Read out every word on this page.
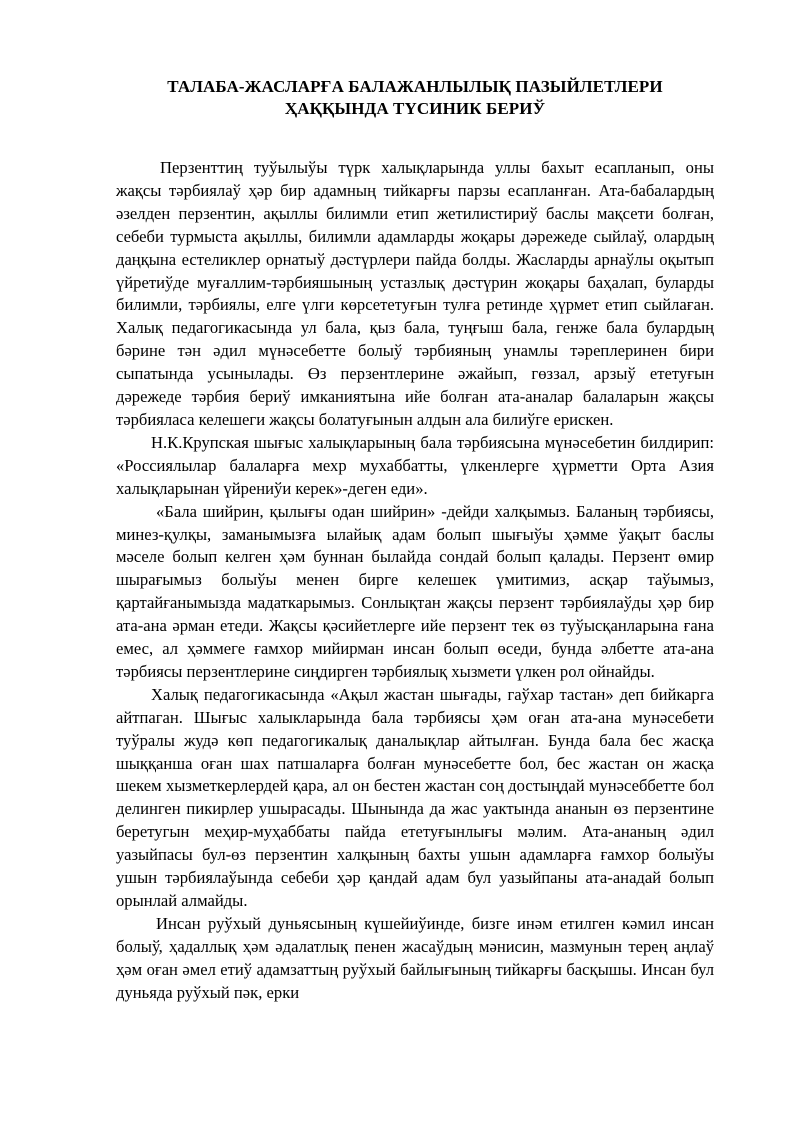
ТАЛАБА-ЖАСЛАРҒА БАЛАЖАНЛЫЛЫҚ ПАЗЫЙЛЕТЛЕРИ
ҲАҚҚЫНДА ТҮСИНИК БЕРИЎ

Перзенттиң туўылыўы түрк халықларында уллы бахыт есапланып, оны жақсы тәрбиялаў ҳәр бир адамның тийкарғы парзы есапланған. Ата-бабалардың әзелден перзентин, ақыллы билимли етип жетилистириў баслы мақсети болған, себеби турмыста ақыллы, билимли адамларды жоқары дәрежеде сыйлаў, олардың даңқына естеликлер орнатыў дәстүрлери пайда болды. Жасларды арнаўлы оқытып үйретиўде муғаллим-тәрбияшының устазлық дәстүрин жоқары баҳалап, буларды билимли, тәрбиялы, елге үлги көрсететуғын тулға ретинде ҳүрмет етип сыйлаған. Халық педагогикасында ул бала, қыз бала, туңғыш бала, генже бала булардың бәрине тән әдил мүнәсебетте болыў тәрбияның унамлы тәреплеринен бири сыпатында усынылады. Өз перзентлерине әжайып, гөззал, арзыў ететуғын дәрежеде тәрбия бериў имканиятына ийе болған ата-аналар балаларын жақсы тәрбияласа келешеги жақсы болатуғынын алдын ала билиўге ерискен.

Н.К.Крупская шығыс халықларының бала тәрбиясына мүнәсебетин билдирип: «Россиялылар балаларға мехр мухаббатты, үлкенлерге ҳүрметти Орта Азия халықларынан үйрениўи керек»-деген еди».

«Бала шийрин, қылығы одан шийрин» -дейди халқымыз. Баланың тәрбиясы, минез-қулқы, заманымызға ылайық адам болып шығыўы ҳәмме ўақыт баслы мәселе болып келген ҳәм буннан былайда сондай болып қалады. Перзент өмир шырағымыз болыўы менен бирге келешек үмитимиз, асқар таўымыз, қартайғанымызда мадаткарымыз. Сонлықтан жақсы перзент тәрбиялаўды ҳәр бир ата-ана әрман етеди. Жақсы қәсийетлерге ийе перзент тек өз туўысқанларына ғана емес, ал ҳәммеге ғамхор мийирман инсан болып өседи, бунда әлбетте ата-ана тәрбиясы перзентлерине сиңдирген тәрбиялық хызмети үлкен рол ойнайды.

Халық педагогикасында «Ақыл жастан шығады, гаўхар тастан» деп бийкарга айтпаган. Шығыс халыкларында бала тәрбиясы ҳәм оған ата-ана мунәсебети туўралы жудә көп педагогикалық даналықлар айтылған. Бунда бала бес жасқа шыққанша оған шах патшаларға болған мунәсебетте бол, бес жастан он жасқа шекем хызметкерлердей қара, ал он бестен жастан соң достыңдай мунәсеббетте бол делинген пикирлер ушырасады. Шынында да жас уактында ананын өз перзентине беретугын меҳир-муҳаббаты пайда ететуғынлығы мәлим. Ата-ананың әдил уазыйпасы бул-өз перзентин халқының бахты ушын адамларға ғамхор болыўы ушын тәрбиялаўында себеби ҳәр қандай адам бул уазыйпаны ата-анадай болып орынлай алмайды.

Инсан руўхый дуньясының күшейиўинде, бизге инәм етилген кәмил инсан болыў, ҳадаллық ҳәм әдалатлық пенен жасаўдың мәнисин, мазмунын терең аңлаў ҳәм оған әмел етиў адамзаттың руўхый байлығының тийкарғы басқышы. Инсан бул дуньяда руўхый пәк, ерки
